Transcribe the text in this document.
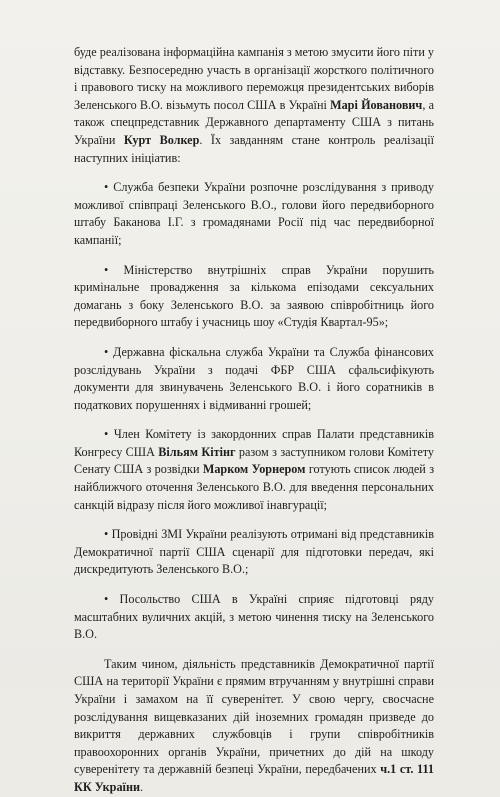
буде реалізована інформаційна кампанія з метою змусити його піти у відставку. Безпосередню участь в організації жорсткого політичного і правового тиску на можливого переможця президентських виборів Зеленського В.О. візьмуть посол США в Україні Марі Йованович, а також спецпредставник Державного департаменту США з питань України Курт Волкер. Їх завданням стане контроль реалізації наступних ініціатив:

• Служба безпеки України розпочне розслідування з приводу можливої співпраці Зеленського В.О., голови його передвиборного штабу Баканова І.Г. з громадянами Росії під час передвиборної кампанії;

• Міністерство внутрішніх справ України порушить кримінальне провадження за кількома епізодами сексуальних домагань з боку Зеленського В.О. за заявою співробітниць його передвиборного штабу і учасниць шоу «Студія Квартал-95»;

• Державна фіскальна служба України та Служба фінансових розслідувань України з подачі ФБР США сфальсифікують документи для звинувачень Зеленського В.О. і його соратників в податкових порушеннях і відмиванні грошей;

• Член Комітету із закордонних справ Палати представників Конгресу США Вільям Кітінг разом з заступником голови Комітету Сенату США з розвідки Марком Уорнером готують список людей з найближчого оточення Зеленського В.О. для введення персональних санкцій відразу після його можливої інавгурації;

• Провідні ЗМІ України реалізують отримані від представників Демократичної партії США сценарії для підготовки передач, які дискредитують Зеленського В.О.;

• Посольство США в Україні сприяє підготовці ряду масштабних вуличних акцій, з метою чинення тиску на Зеленського В.О.

Таким чином, діяльність представників Демократичної партії США на території України є прямим втручанням у внутрішні справи України і замахом на її суверенітет. У свою чергу, свосчасне розслідування вищевказаних дій іноземних громадян призведе до викриття державних службовців і групи співробітників правоохоронних органів України, причетних до дій на шкоду суверенітету та державній безпеці України, передбачених ч.1 ст. 111 КК України.
